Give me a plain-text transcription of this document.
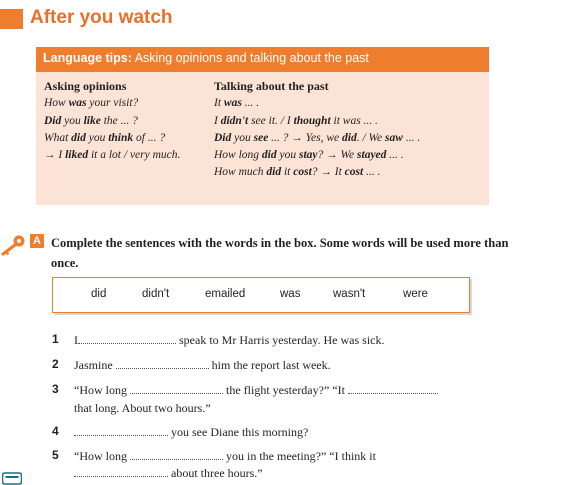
After you watch
Language tips: Asking opinions and talking about the past
Asking opinions
How was your visit?
Did you like the ... ?
What did you think of ... ?
→ I liked it a lot / very much.
Talking about the past
It was ... .
I didn't see it. / I thought it was ... .
Did you see ... ? → Yes, we did. / We saw ... .
How long did you stay? → We stayed ... .
How much did it cost? → It cost ... .
A Complete the sentences with the words in the box. Some words will be used more than once.
did	didn't	emailed	was	wasn't	were
1 I	speak to Mr Harris yesterday. He was sick.
2 Jasmine	him the report last week.
3 “How long	the flight yesterday?” “It
that long. About two hours.”
4	you see Diane this morning?
5 “How long	you in the meeting?” “I think it
about three hours.”
